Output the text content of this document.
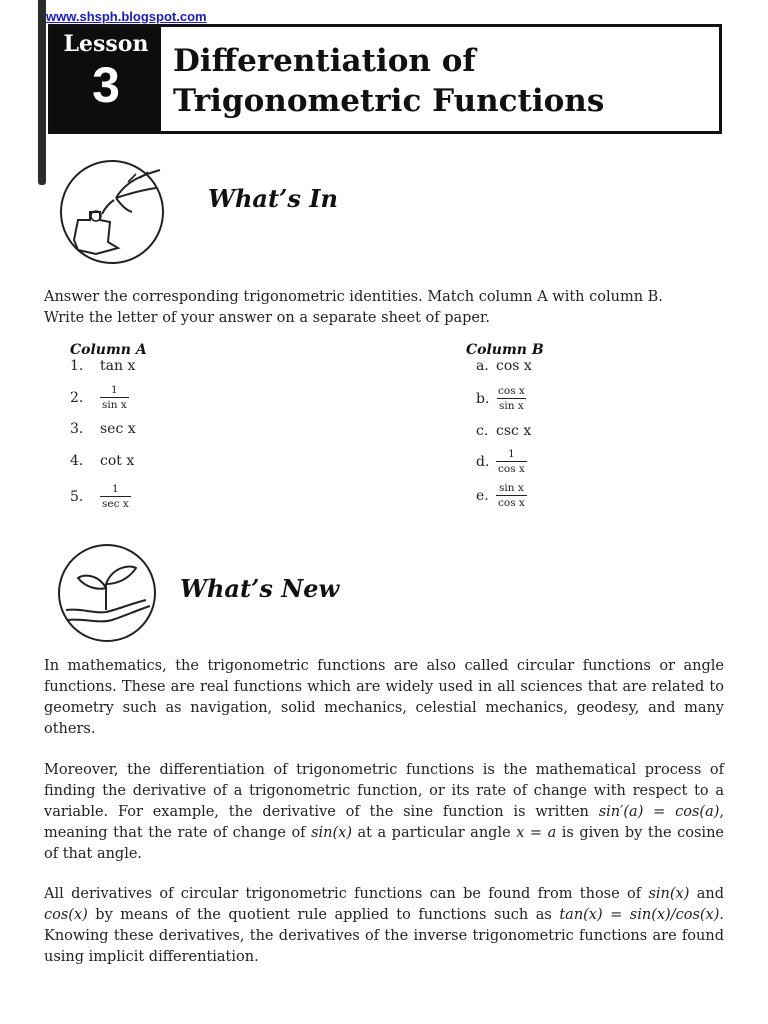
www.shsph.blogspot.com
Lesson
3	Differentiation of
Trigonometric Functions
What’s In

Answer the corresponding trigonometric identities. Match column A with column B.
Write the letter of your answer on a separate sheet of paper.

Column A	Column B
1.	tan x
2.	$\frac{1}{\text{sin x}}$
3.	sec x
4.	cot x
5.	$\frac{1}{\text{sec x}}$
a. cos x
b. $\frac{\text{cos x}}{\text{sin x}}$
c. csc x
d. $\frac{1}{\text{cos x}}$
e. $\frac{\text{sin x}}{\text{cos x}}$
What’s New

In mathematics, the trigonometric functions are also called circular functions or angle functions. These are real functions which are widely used in all sciences that are related to geometry such as navigation, solid mechanics, celestial mechanics, geodesy, and many others.

Moreover, the differentiation of trigonometric functions is the mathematical process of finding the derivative of a trigonometric function, or its rate of change with respect to a variable. For example, the derivative of the sine function is written sin′(a) = cos(a), meaning that the rate of change of sin(x) at a particular angle x = a is given by the cosine of that angle.

All derivatives of circular trigonometric functions can be found from those of sin(x) and cos(x) by means of the quotient rule applied to functions such as tan(x) = sin(x)/cos(x). Knowing these derivatives, the derivatives of the inverse trigonometric functions are found using implicit differentiation.
